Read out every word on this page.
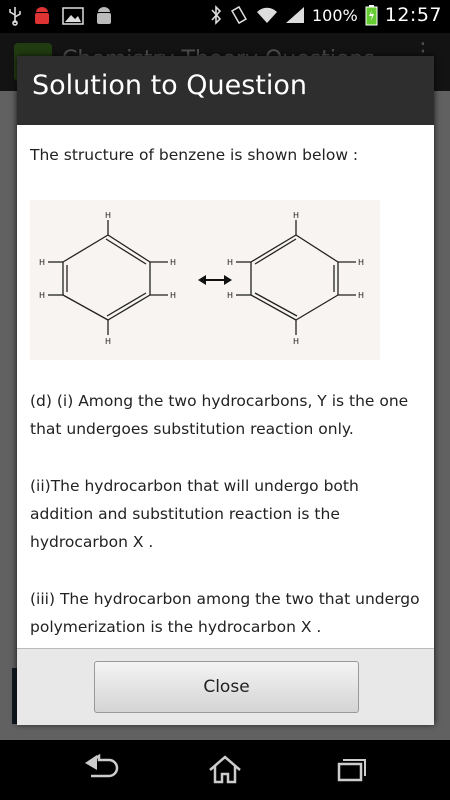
100% 12:57
Solution to Question
The structure of benzene is shown below :
H
H
H
H
H
H
H
H
H
H
H
H
(d) (i) Among the two hydrocarbons, Y is the one that undergoes substitution reaction only.
(ii)The hydrocarbon that will undergo both addition and substitution reaction is the hydrocarbon X .
(iii) The hydrocarbon among the two that undergo polymerization is the hydrocarbon X .
Close
